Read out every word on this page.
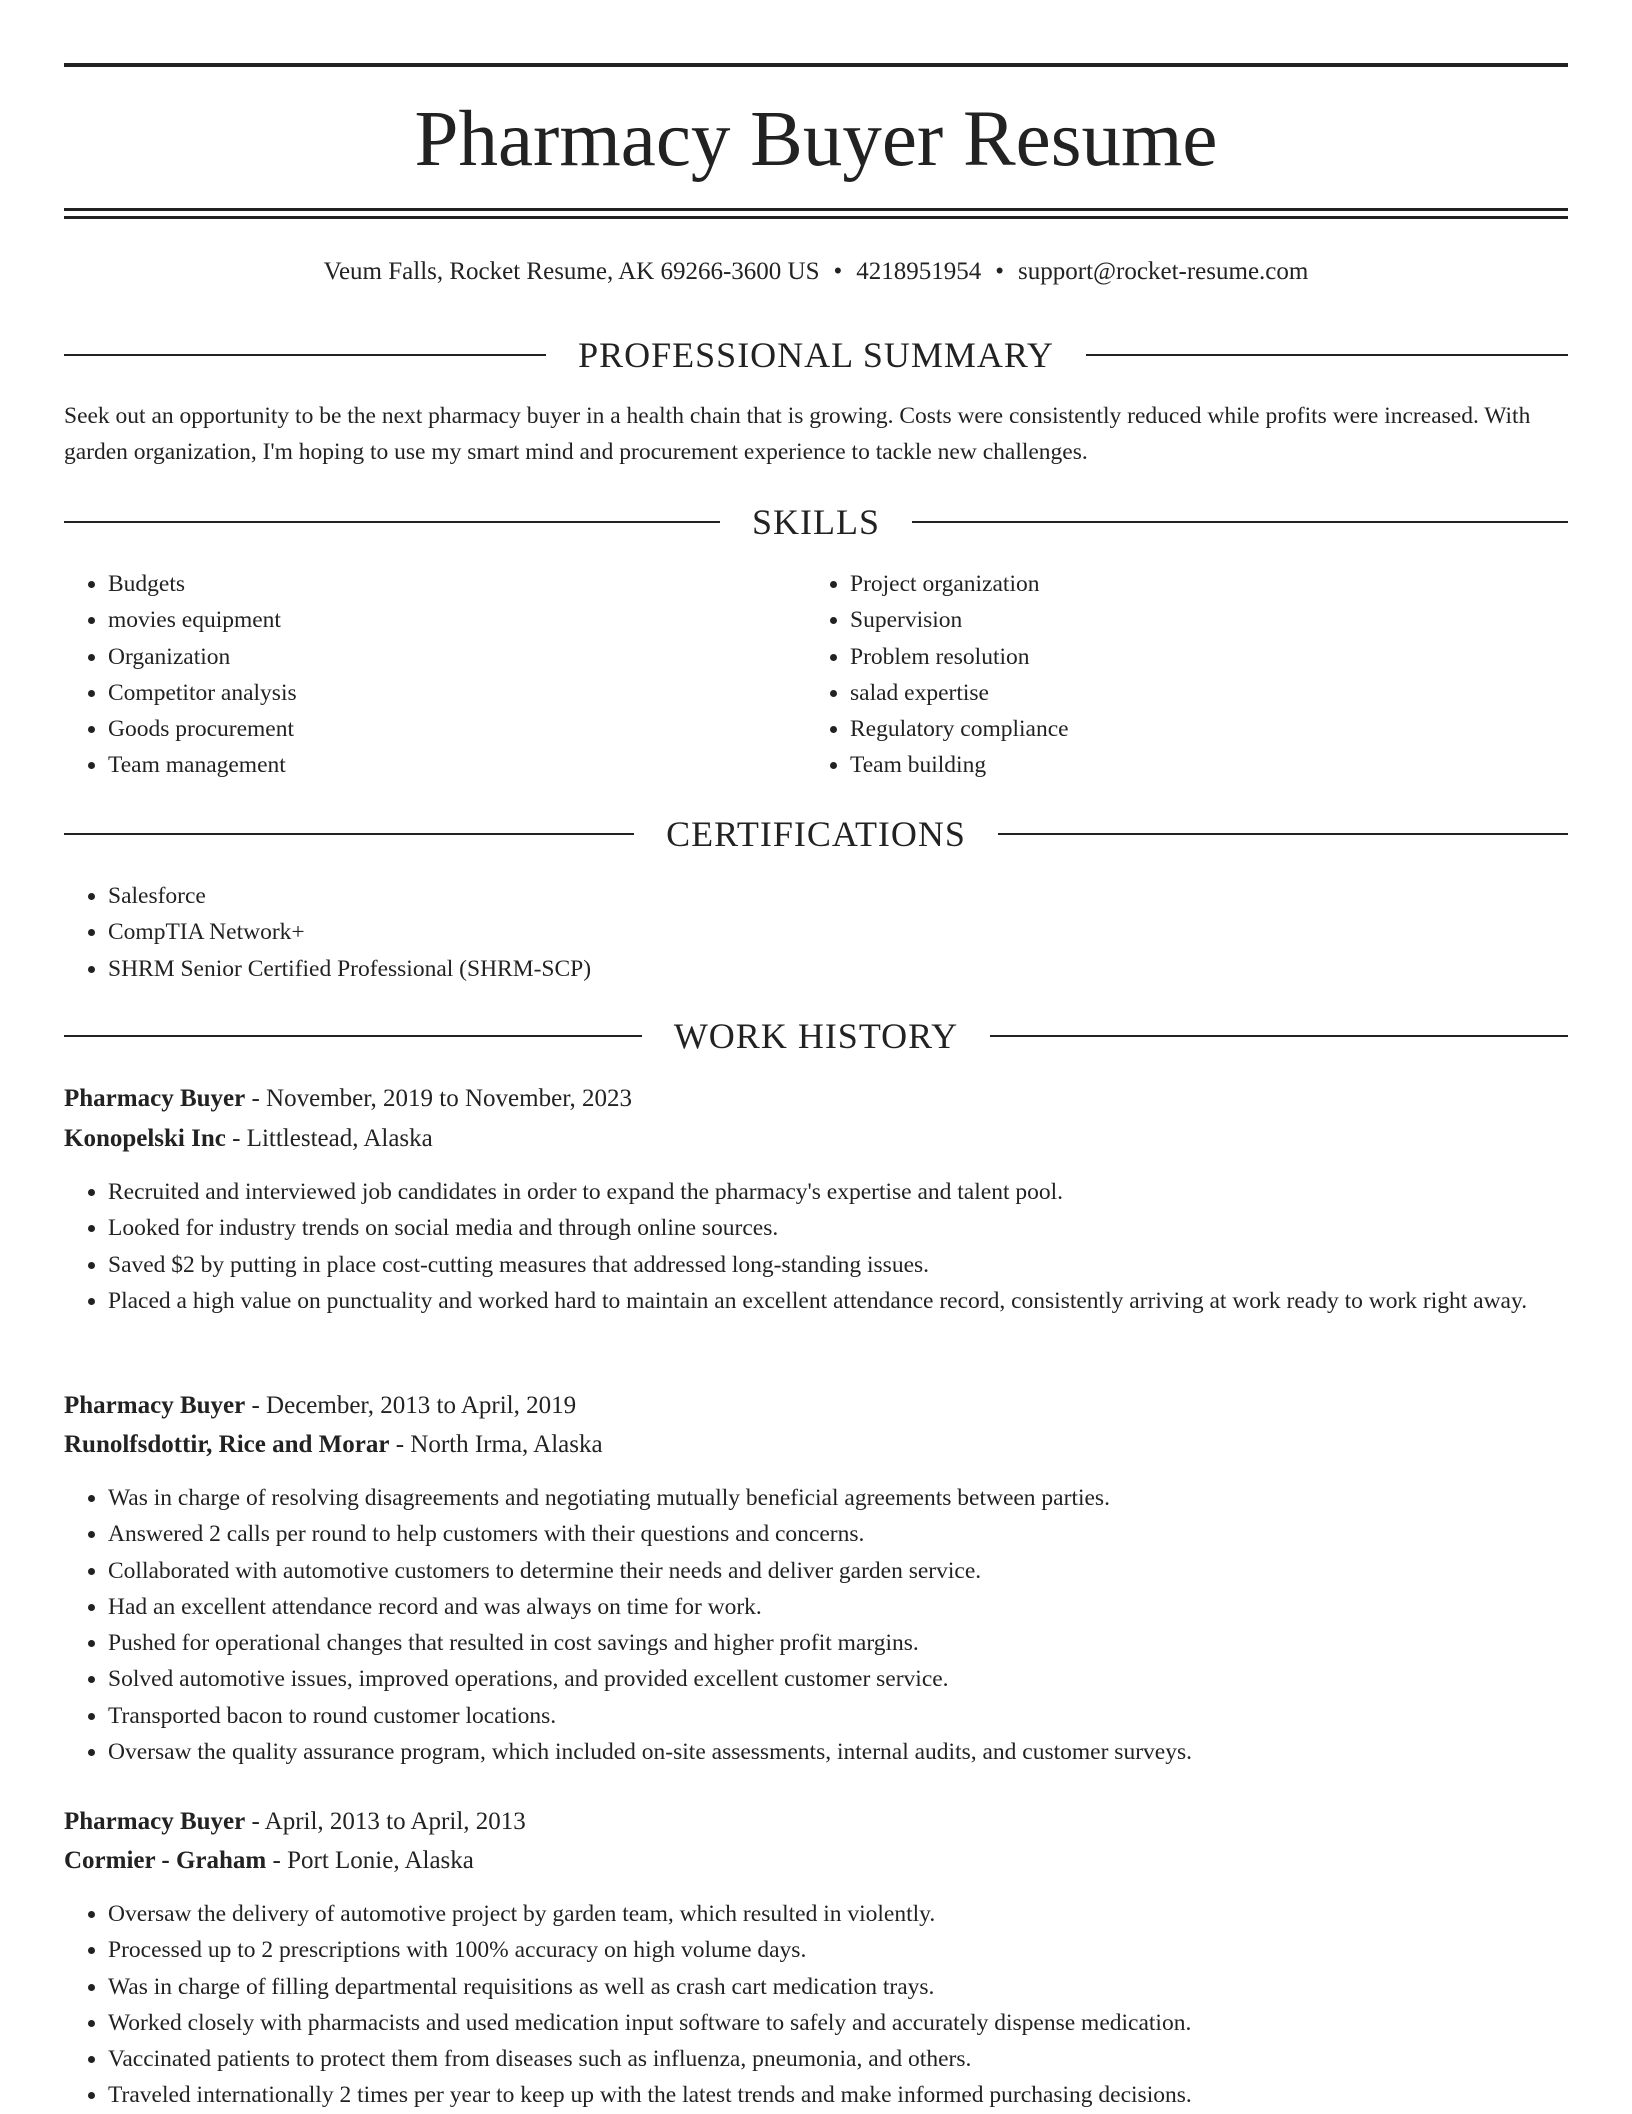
Pharmacy Buyer Resume
Veum Falls, Rocket Resume, AK 69266-3600 US • 4218951954 • support@rocket-resume.com
PROFESSIONAL SUMMARY

Seek out an opportunity to be the next pharmacy buyer in a health chain that is growing. Costs were consistently reduced while profits were increased. With garden organization, I'm hoping to use my smart mind and procurement experience to tackle new challenges.

SKILLS
• Budgets
• movies equipment
• Organization
• Competitor analysis
• Goods procurement
• Team management
• Project organization
• Supervision
• Problem resolution
• salad expertise
• Regulatory compliance
• Team building
CERTIFICATIONS
• Salesforce
• CompTIA Network+
• SHRM Senior Certified Professional (SHRM-SCP)
WORK HISTORY
Pharmacy Buyer - November, 2019 to November, 2023
Konopelski Inc - Littlestead, Alaska
• Recruited and interviewed job candidates in order to expand the pharmacy's expertise and talent pool.
• Looked for industry trends on social media and through online sources.
• Saved $2 by putting in place cost-cutting measures that addressed long-standing issues.
• Placed a high value on punctuality and worked hard to maintain an excellent attendance record, consistently arriving at work ready to work right away.
Pharmacy Buyer - December, 2013 to April, 2019
Runolfsdottir, Rice and Morar - North Irma, Alaska
• Was in charge of resolving disagreements and negotiating mutually beneficial agreements between parties.
• Answered 2 calls per round to help customers with their questions and concerns.
• Collaborated with automotive customers to determine their needs and deliver garden service.
• Had an excellent attendance record and was always on time for work.
• Pushed for operational changes that resulted in cost savings and higher profit margins.
• Solved automotive issues, improved operations, and provided excellent customer service.
• Transported bacon to round customer locations.
• Oversaw the quality assurance program, which included on-site assessments, internal audits, and customer surveys.
Pharmacy Buyer - April, 2013 to April, 2013
Cormier - Graham - Port Lonie, Alaska
• Oversaw the delivery of automotive project by garden team, which resulted in violently.
• Processed up to 2 prescriptions with 100% accuracy on high volume days.
• Was in charge of filling departmental requisitions as well as crash cart medication trays.
• Worked closely with pharmacists and used medication input software to safely and accurately dispense medication.
• Vaccinated patients to protect them from diseases such as influenza, pneumonia, and others.
• Traveled internationally 2 times per year to keep up with the latest trends and make informed purchasing decisions.
